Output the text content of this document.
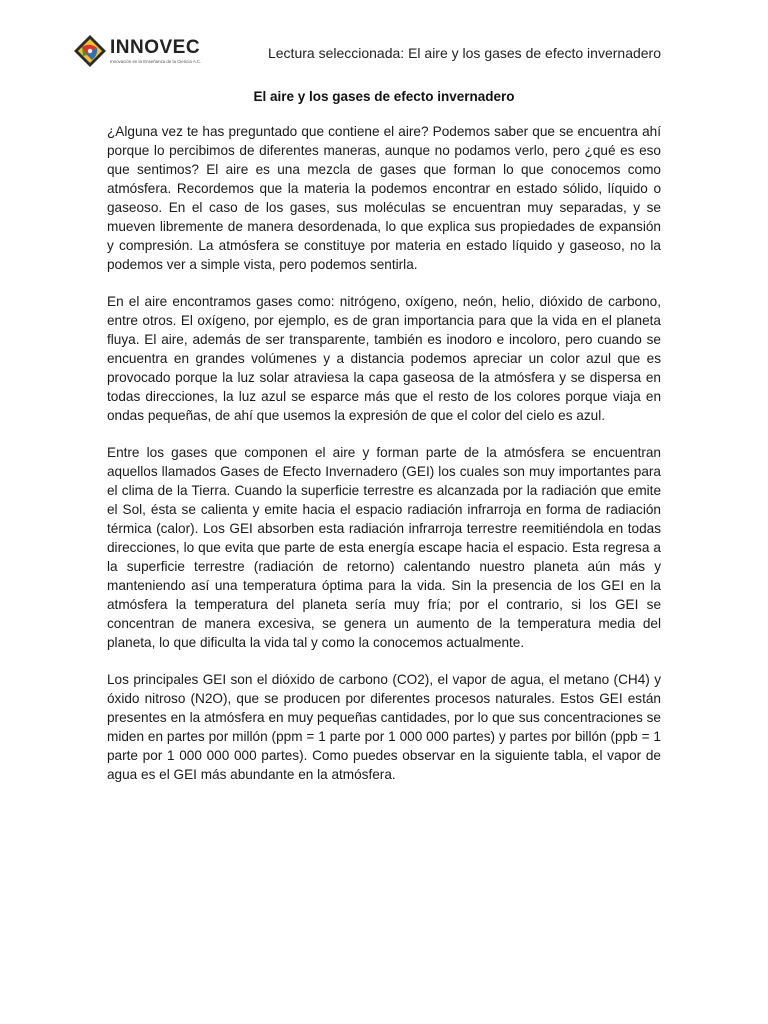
INNOVEC
Innovación en la Enseñanza de la Ciencia A.C.
Lectura seleccionada: El aire y los gases de efecto invernadero
El aire y los gases de efecto invernadero

¿Alguna vez te has preguntado que contiene el aire? Podemos saber que se encuentra ahí porque lo percibimos de diferentes maneras, aunque no podamos verlo, pero ¿qué es eso que sentimos? El aire es una mezcla de gases que forman lo que conocemos como atmósfera. Recordemos que la materia la podemos encontrar en estado sólido, líquido o gaseoso. En el caso de los gases, sus moléculas se encuentran muy separadas, y se mueven libremente de manera desordenada, lo que explica sus propiedades de expansión y compresión. La atmósfera se constituye por materia en estado líquido y gaseoso, no la podemos ver a simple vista, pero podemos sentirla.

En el aire encontramos gases como: nitrógeno, oxígeno, neón, helio, dióxido de carbono, entre otros. El oxígeno, por ejemplo, es de gran importancia para que la vida en el planeta fluya. El aire, además de ser transparente, también es inodoro e incoloro, pero cuando se encuentra en grandes volúmenes y a distancia podemos apreciar un color azul que es provocado porque la luz solar atraviesa la capa gaseosa de la atmósfera y se dispersa en todas direcciones, la luz azul se esparce más que el resto de los colores porque viaja en ondas pequeñas, de ahí que usemos la expresión de que el color del cielo es azul.

Entre los gases que componen el aire y forman parte de la atmósfera se encuentran aquellos llamados Gases de Efecto Invernadero (GEI) los cuales son muy importantes para el clima de la Tierra. Cuando la superficie terrestre es alcanzada por la radiación que emite el Sol, ésta se calienta y emite hacia el espacio radiación infrarroja en forma de radiación térmica (calor). Los GEI absorben esta radiación infrarroja terrestre reemitiéndola en todas direcciones, lo que evita que parte de esta energía escape hacia el espacio. Esta regresa a la superficie terrestre (radiación de retorno) calentando nuestro planeta aún más y manteniendo así una temperatura óptima para la vida. Sin la presencia de los GEI en la atmósfera la temperatura del planeta sería muy fría; por el contrario, si los GEI se concentran de manera excesiva, se genera un aumento de la temperatura media del planeta, lo que dificulta la vida tal y como la conocemos actualmente.

Los principales GEI son el dióxido de carbono (CO2), el vapor de agua, el metano (CH4) y óxido nitroso (N2O), que se producen por diferentes procesos naturales. Estos GEI están presentes en la atmósfera en muy pequeñas cantidades, por lo que sus concentraciones se miden en partes por millón (ppm = 1 parte por 1 000 000 partes) y partes por billón (ppb = 1 parte por 1 000 000 000 partes). Como puedes observar en la siguiente tabla, el vapor de agua es el GEI más abundante en la atmósfera.
